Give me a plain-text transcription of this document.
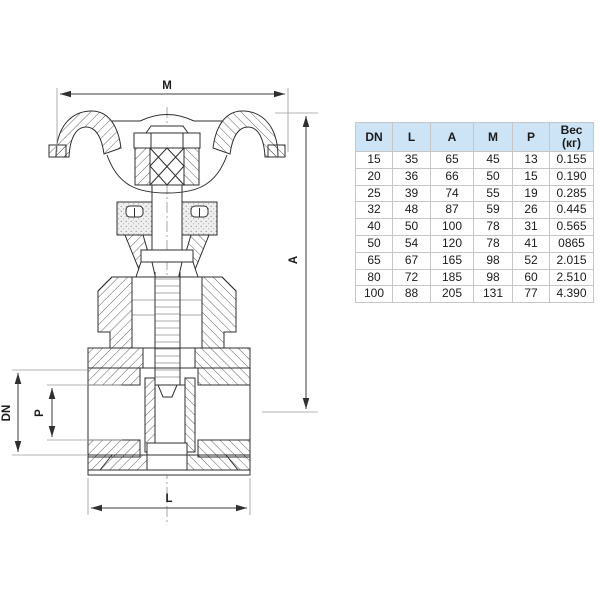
M
A
DN P
L
DN	L	A	M	P	Вес
(кг)
15	35	65	45	13	0.155
20	36	66	50	15	0.190
25	39	74	55	19	0.285
32	48	87	59	26	0.445
40	50	100	78	31	0.565
50	54	120	78	41	0865
65	67	165	98	52	2.015
80	72	185	98	60	2.510
100	88	205	131	77	4.390
